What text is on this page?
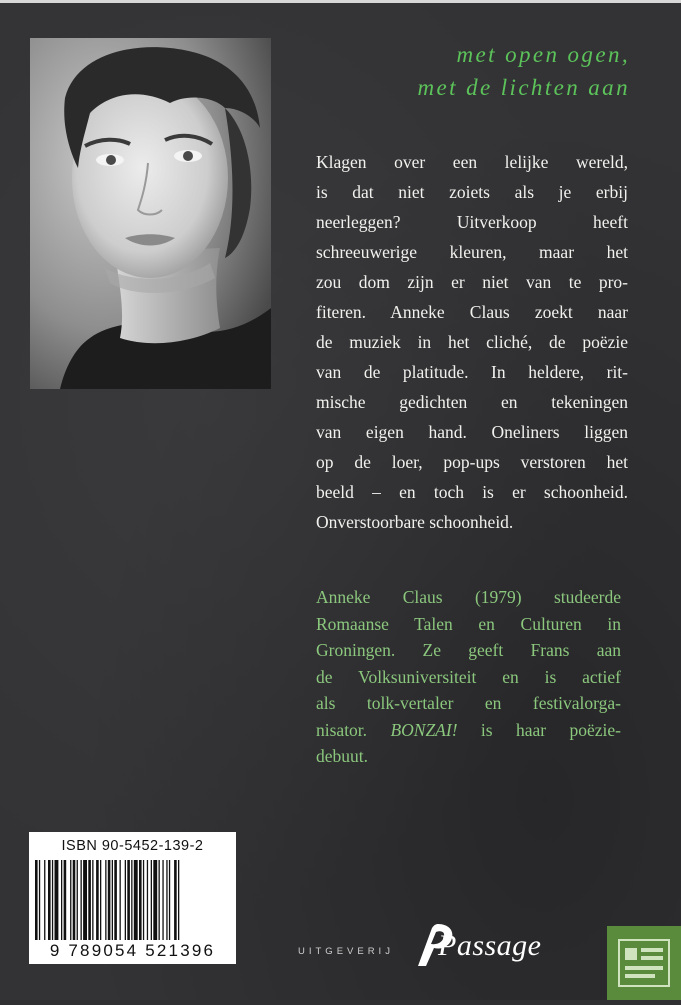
met open ogen,
met de lichten aan
Klagen over een lelijke wereld,
is dat niet zoiets als je erbij
neerleggen? Uitverkoop heeft
schreeuwerige kleuren, maar het
zou dom zijn er niet van te pro-
fiteren. Anneke Claus zoekt naar
de muziek in het cliché, de poëzie
van de platitude. In heldere, rit-
mische gedichten en tekeningen
van eigen hand. Oneliners liggen
op de loer, pop-ups verstoren het
beeld – en toch is er schoonheid.
Onverstoorbare schoonheid.
Anneke Claus (1979) studeerde
Romaanse Talen en Culturen in
Groningen. Ze geeft Frans aan
de Volksuniversiteit en is actief
als tolk-vertaler en festivalorga-
nisator. BONZAI! is haar poëzie-
debuut.
ISBN 90-5452-139-2
9 789054 521396	UITGEVERIJ Passage
